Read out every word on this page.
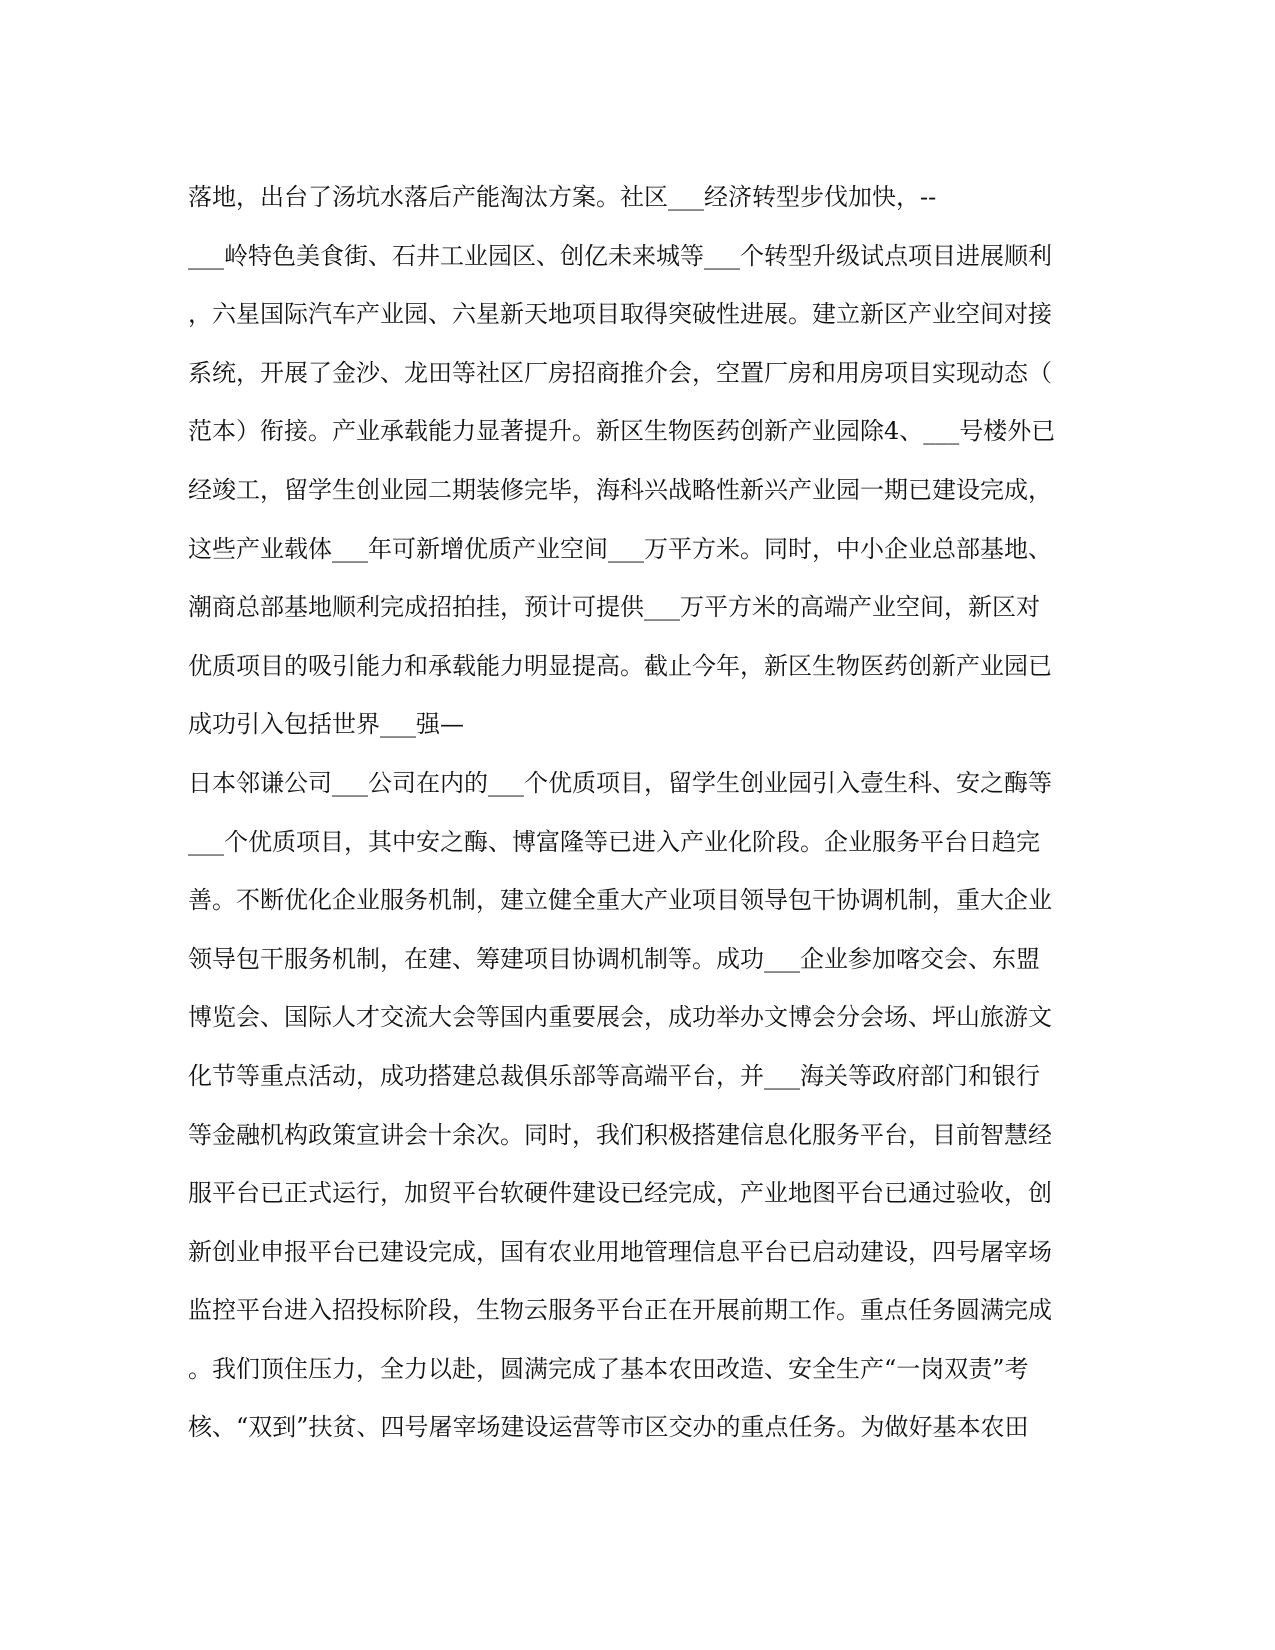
落地，出台了汤坑水落后产能淘汰方案。社区___经济转型步伐加快，--
___岭特色美食街、石井工业园区、创亿未来城等___个转型升级试点项目进展顺利
，六星国际汽车产业园、六星新天地项目取得突破性进展。建立新区产业空间对接
系统，开展了金沙、龙田等社区厂房招商推介会，空置厂房和用房项目实现动态（
范本）衔接。产业承载能力显著提升。新区生物医药创新产业园除4、___号楼外已
经竣工，留学生创业园二期装修完毕，海科兴战略性新兴产业园一期已建设完成，
这些产业载体___年可新增优质产业空间___万平方米。同时，中小企业总部基地、
潮商总部基地顺利完成招拍挂，预计可提供___万平方米的高端产业空间，新区对
优质项目的吸引能力和承载能力明显提高。截止今年，新区生物医药创新产业园已
成功引入包括世界___强—
日本邻谦公司___公司在内的___个优质项目，留学生创业园引入壹生科、安之酶等
___个优质项目，其中安之酶、博富隆等已进入产业化阶段。企业服务平台日趋完
善。不断优化企业服务机制，建立健全重大产业项目领导包干协调机制，重大企业
领导包干服务机制，在建、筹建项目协调机制等。成功___企业参加喀交会、东盟
博览会、国际人才交流大会等国内重要展会，成功举办文博会分会场、坪山旅游文
化节等重点活动，成功搭建总裁俱乐部等高端平台，并___海关等政府部门和银行
等金融机构政策宣讲会十余次。同时，我们积极搭建信息化服务平台，目前智慧经
服平台已正式运行，加贸平台软硬件建设已经完成，产业地图平台已通过验收，创
新创业申报平台已建设完成，国有农业用地管理信息平台已启动建设，四号屠宰场
监控平台进入招投标阶段，生物云服务平台正在开展前期工作。重点任务圆满完成
。我们顶住压力，全力以赴，圆满完成了基本农田改造、安全生产“一岗双责”考
核、“双到”扶贫、四号屠宰场建设运营等市区交办的重点任务。为做好基本农田
